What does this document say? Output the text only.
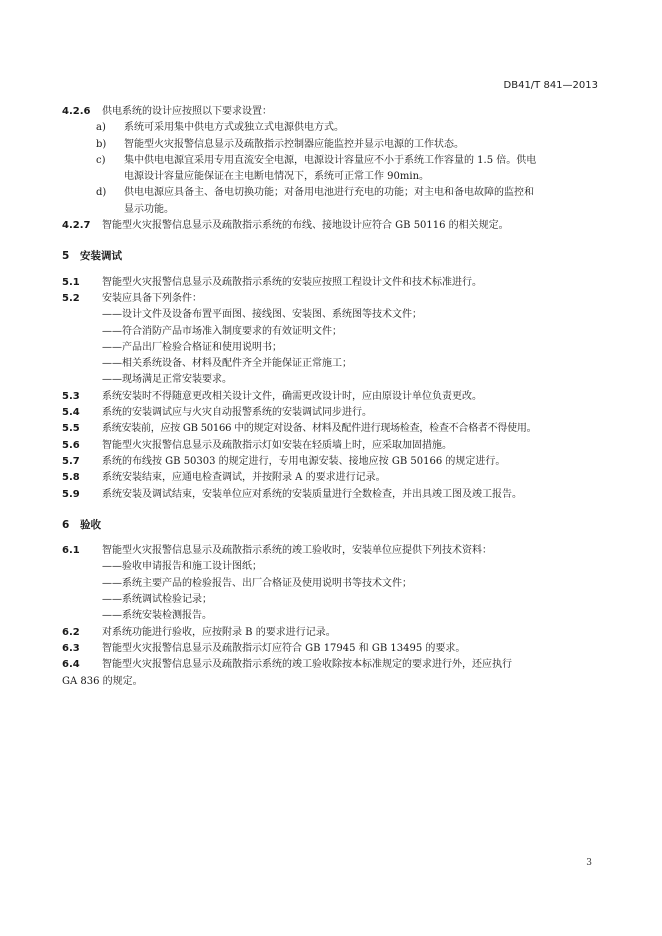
DB41/T 841—2013
4.2.6 供电系统的设计应按照以下要求设置：
a) 系统可采用集中供电方式或独立式电源供电方式。
b) 智能型火灾报警信息显示及疏散指示控制器应能监控并显示电源的工作状态。
c) 集中供电电源宜采用专用直流安全电源，电源设计容量应不小于系统工作容量的 1.5 倍。供电
电源设计容量应能保证在主电断电情况下，系统可正常工作 90min。
d) 供电电源应具备主、备电切换功能；对备用电池进行充电的功能；对主电和备电故障的监控和
显示功能。
4.2.7 智能型火灾报警信息显示及疏散指示系统的布线、接地设计应符合 GB 50116 的相关规定。
5 安装调试
5.1 智能型火灾报警信息显示及疏散指示系统的安装应按照工程设计文件和技术标准进行。
5.2 安装应具备下列条件：
——设计文件及设备布置平面图、接线图、安装图、系统图等技术文件；
——符合消防产品市场准入制度要求的有效证明文件；
——产品出厂检验合格证和使用说明书；
——相关系统设备、材料及配件齐全并能保证正常施工；
——现场满足正常安装要求。
5.3 系统安装时不得随意更改相关设计文件，确需更改设计时，应由原设计单位负责更改。
5.4 系统的安装调试应与火灾自动报警系统的安装调试同步进行。
5.5 系统安装前，应按 GB 50166 中的规定对设备、材料及配件进行现场检查，检查不合格者不得使用。
5.6 智能型火灾报警信息显示及疏散指示灯如安装在轻质墙上时，应采取加固措施。
5.7 系统的布线按 GB 50303 的规定进行，专用电源安装、接地应按 GB 50166 的规定进行。
5.8 系统安装结束，应通电检查调试，并按附录 A 的要求进行记录。
5.9 系统安装及调试结束，安装单位应对系统的安装质量进行全数检查，并出具竣工图及竣工报告。
6 验收
6.1 智能型火灾报警信息显示及疏散指示系统的竣工验收时，安装单位应提供下列技术资料：
——验收申请报告和施工设计图纸；
——系统主要产品的检验报告、出厂合格证及使用说明书等技术文件；
——系统调试检验记录；
——系统安装检测报告。
6.2 对系统功能进行验收，应按附录 B 的要求进行记录。
6.3 智能型火灾报警信息显示及疏散指示灯应符合 GB 17945 和 GB 13495 的要求。
6.4 智能型火灾报警信息显示及疏散指示系统的竣工验收除按本标准规定的要求进行外，还应执行
GA 836 的规定。
3
